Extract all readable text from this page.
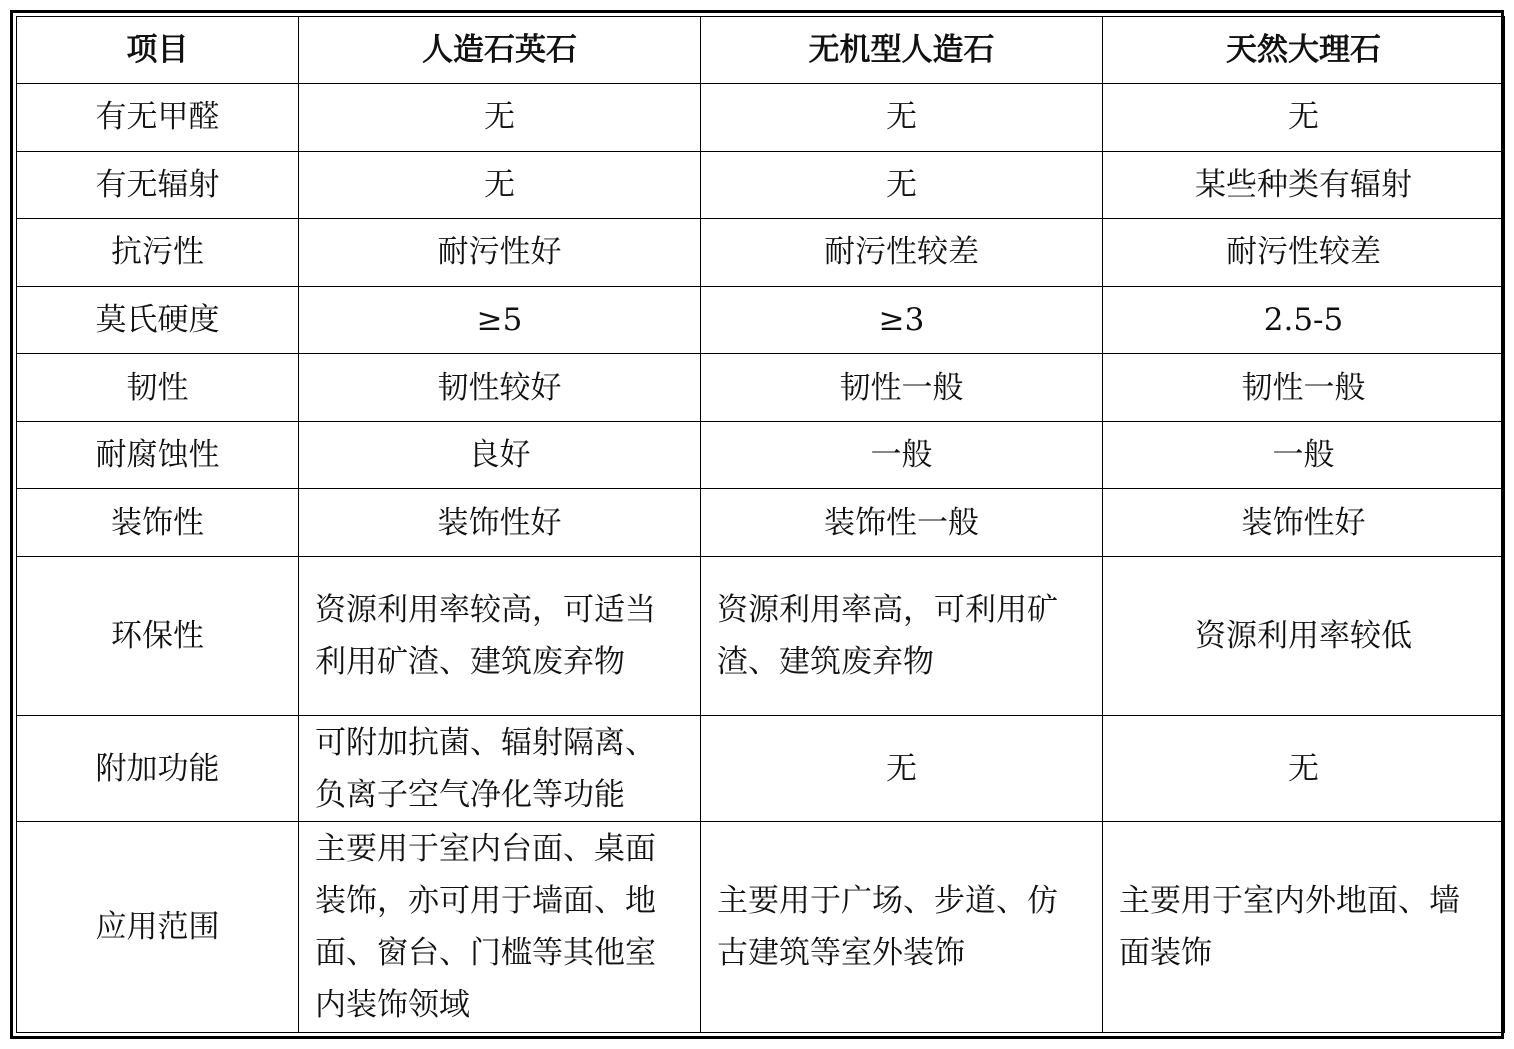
项目	人造石英石	无机型人造石	天然大理石
有无甲醛	无	无	无
有无辐射	无	无	某些种类有辐射
抗污性	耐污性好	耐污性较差	耐污性较差
莫氏硬度	≥5	≥3	2.5-5
韧性	韧性较好	韧性一般	韧性一般
耐腐蚀性	良好	一般	一般
装饰性	装饰性好	装饰性一般	装饰性好
环保性	资源利用率较高，可适当利用矿渣、建筑废弃物	资源利用率高，可利用矿渣、建筑废弃物	资源利用率较低
附加功能	可附加抗菌、辐射隔离、负离子空气净化等功能	无	无
应用范围	主要用于室内台面、桌面装饰，亦可用于墙面、地面、窗台、门槛等其他室内装饰领域	主要用于广场、步道、仿古建筑等室外装饰	主要用于室内外地面、墙面装饰
